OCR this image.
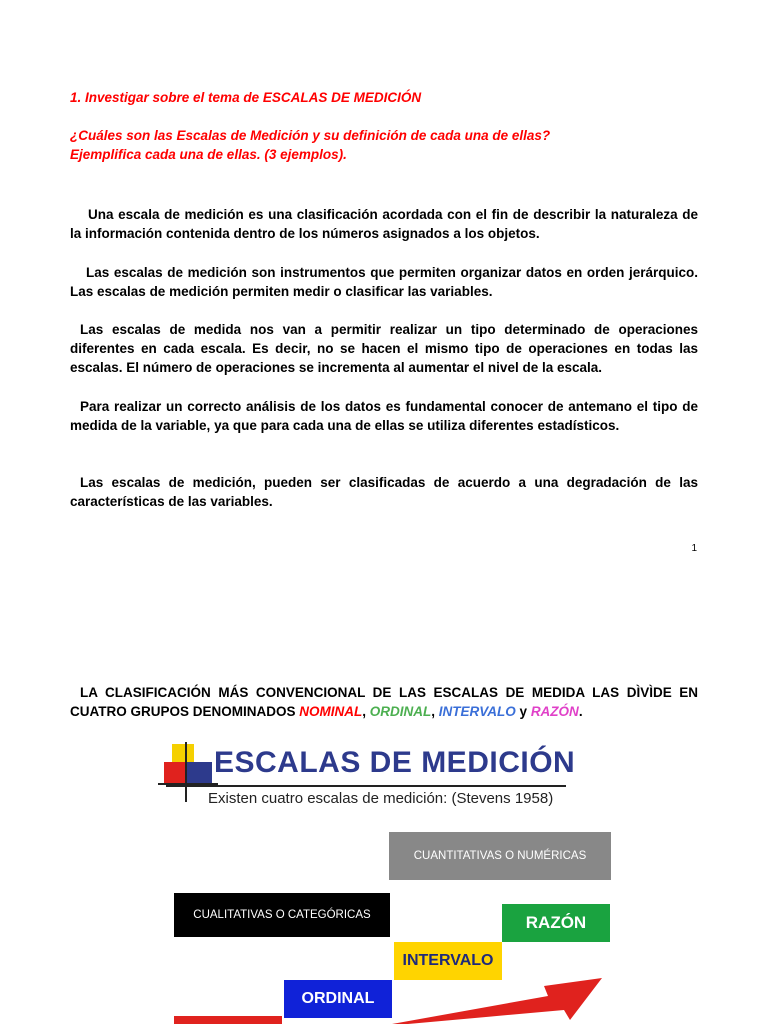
1. Investigar sobre el tema de ESCALAS DE MEDICIÓN

¿Cuáles son las Escalas de Medición y su definición de cada una de ellas?

Ejemplifica cada una de ellas. (3 ejemplos).

Una escala de medición es una clasificación acordada con el fin de describir la naturaleza de la información contenida dentro de los números asignados a los objetos.

Las escalas de medición son instrumentos que permiten organizar datos en orden jerárquico. Las escalas de medición permiten medir o clasificar las variables.

Las escalas de medida nos van a permitir realizar un tipo determinado de operaciones diferentes en cada escala. Es decir, no se hacen el mismo tipo de operaciones en todas las escalas. El número de operaciones se incrementa al aumentar el nivel de la escala.

Para realizar un correcto análisis de los datos es fundamental conocer de antemano el tipo de medida de la variable, ya que para cada una de ellas se utiliza diferentes estadísticos.

Las escalas de medición, pueden ser clasificadas de acuerdo a una degradación de las características de las variables.

1

LA CLASIFICACIÓN MÁS CONVENCIONAL DE LAS ESCALAS DE MEDIDA LAS DÌVÌDE EN CUATRO GRUPOS DENOMINADOS NOMINAL, ORDINAL, INTERVALO y RAZÓN.

ESCALAS DE MEDICIÓN
Existen cuatro escalas de medición: (Stevens 1958)
CUANTITATIVAS O NUMÉRICAS
CUALITATIVAS O CATEGÓRICAS	RAZÓN
INTERVALO
ORDINAL
